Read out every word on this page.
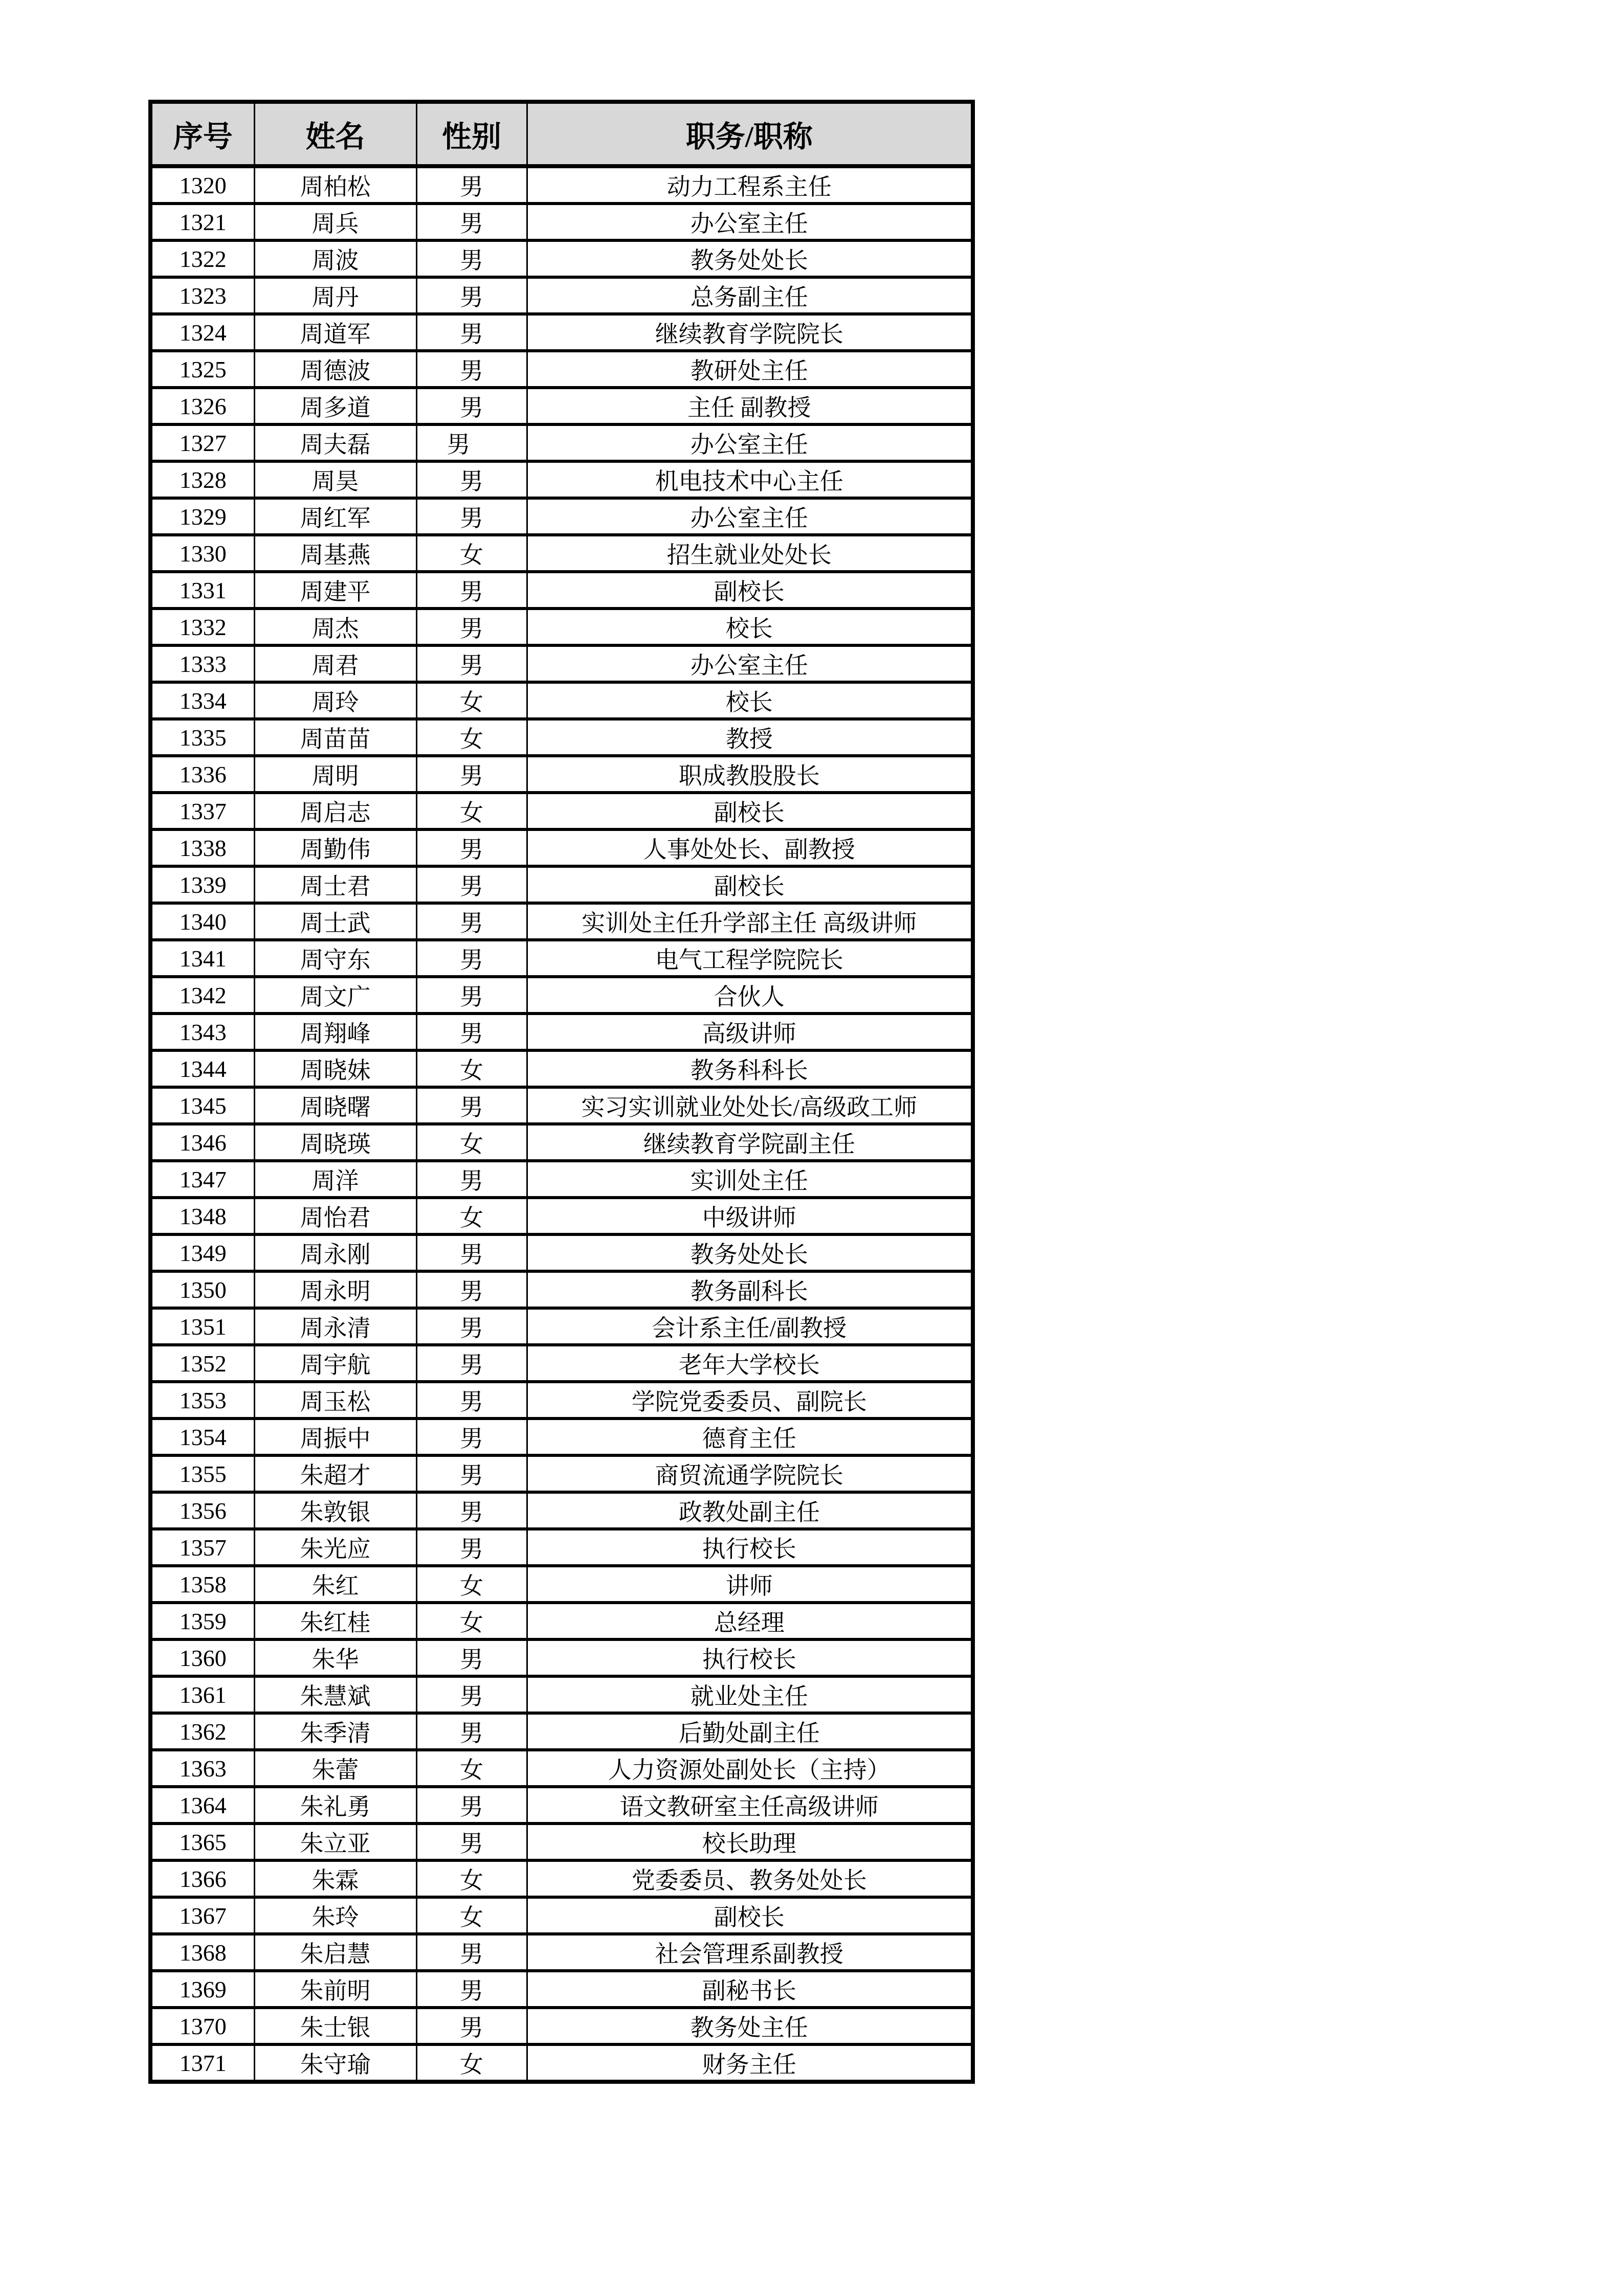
序号	姓名	性别	职务/职称
1320	周柏松	男	动力工程系主任
1321	周兵	男	办公室主任
1322	周波	男	教务处处长
1323	周丹	男	总务副主任
1324	周道军	男	继续教育学院院长
1325	周德波	男	教研处主任
1326	周多道	男	主任 副教授
1327	周夫磊	男	办公室主任
1328	周昊	男	机电技术中心主任
1329	周红军	男	办公室主任
1330	周基燕	女	招生就业处处长
1331	周建平	男	副校长
1332	周杰	男	校长
1333	周君	男	办公室主任
1334	周玲	女	校长
1335	周苗苗	女	教授
1336	周明	男	职成教股股长
1337	周启志	女	副校长
1338	周勤伟	男	人事处处长、副教授
1339	周士君	男	副校长
1340	周士武	男	实训处主任升学部主任 高级讲师
1341	周守东	男	电气工程学院院长
1342	周文广	男	合伙人
1343	周翔峰	男	高级讲师
1344	周晓妹	女	教务科科长
1345	周晓曙	男	实习实训就业处处长/高级政工师
1346	周晓瑛	女	继续教育学院副主任
1347	周洋	男	实训处主任
1348	周怡君	女	中级讲师
1349	周永刚	男	教务处处长
1350	周永明	男	教务副科长
1351	周永清	男	会计系主任/副教授
1352	周宇航	男	老年大学校长
1353	周玉松	男	学院党委委员、副院长
1354	周振中	男	德育主任
1355	朱超才	男	商贸流通学院院长
1356	朱敦银	男	政教处副主任
1357	朱光应	男	执行校长
1358	朱红	女	讲师
1359	朱红桂	女	总经理
1360	朱华	男	执行校长
1361	朱慧斌	男	就业处主任
1362	朱季清	男	后勤处副主任
1363	朱蕾	女	人力资源处副处长（主持）
1364	朱礼勇	男	语文教研室主任高级讲师
1365	朱立亚	男	校长助理
1366	朱霖	女	党委委员、教务处处长
1367	朱玲	女	副校长
1368	朱启慧	男	社会管理系副教授
1369	朱前明	男	副秘书长
1370	朱士银	男	教务处主任
1371	朱守瑜	女	财务主任
